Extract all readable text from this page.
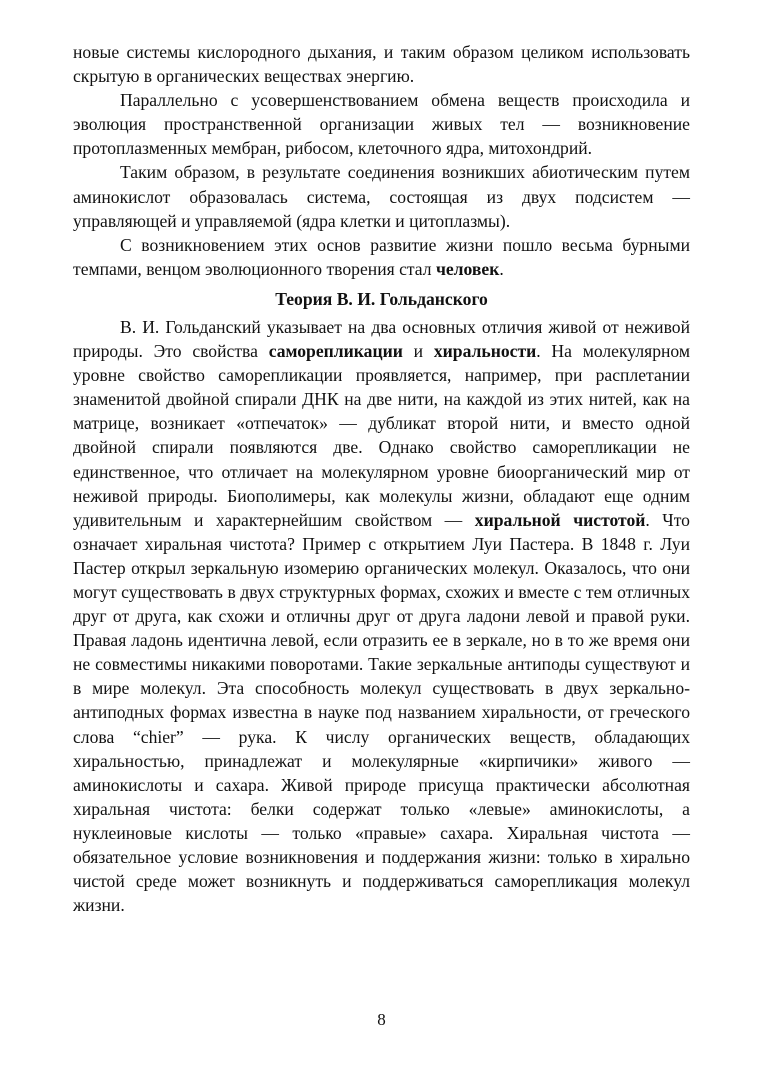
новые системы кислородного дыхания, и таким образом целиком использовать скрытую в органических веществах энергию.

Параллельно с усовершенствованием обмена веществ происходила и эволюция пространственной организации живых тел — возникновение протоплазменных мембран, рибосом, клеточного ядра, митохондрий.

Таким образом, в результате соединения возникших абиотическим путем аминокислот образовалась система, состоящая из двух подсистем — управляющей и управляемой (ядра клетки и цитоплазмы).

С возникновением этих основ развитие жизни пошло весьма бурными темпами, венцом эволюционного творения стал человек.

Теория В. И. Гольданского

В. И. Гольданский указывает на два основных отличия живой от неживой природы. Это свойства саморепликации и хиральности. На молекулярном уровне свойство саморепликации проявляется, например, при расплетании знаменитой двойной спирали ДНК на две нити, на каждой из этих нитей, как на матрице, возникает «отпечаток» — дубликат второй нити, и вместо одной двойной спирали появляются две. Однако свойство саморепликации не единственное, что отличает на молекулярном уровне биоорганический мир от неживой природы. Биополимеры, как молекулы жизни, обладают еще одним удивительным и характернейшим свойством — хиральной чистотой. Что означает хиральная чистота? Пример с открытием Луи Пастера. В 1848 г. Луи Пастер открыл зеркальную изомерию органических молекул. Оказалось, что они могут существовать в двух структурных формах, схожих и вместе с тем отличных друг от друга, как схожи и отличны друг от друга ладони левой и правой руки. Правая ладонь идентична левой, если отразить ее в зеркале, но в то же время они не совместимы никакими поворотами. Такие зеркальные антиподы существуют и в мире молекул. Эта способность молекул существовать в двух зеркально-антиподных формах известна в науке под названием хиральности, от греческого слова “chier” — рука. К числу органических веществ, обладающих хиральностью, принадлежат и молекулярные «кирпичики» живого — аминокислоты и сахара. Живой природе присуща практически абсолютная хиральная чистота: белки содержат только «левые» аминокислоты, а нуклеиновые кислоты — только «правые» сахара. Хиральная чистота — обязательное условие возникновения и поддержания жизни: только в хирально чистой среде может возникнуть и поддерживаться саморепликация молекул жизни.

8
